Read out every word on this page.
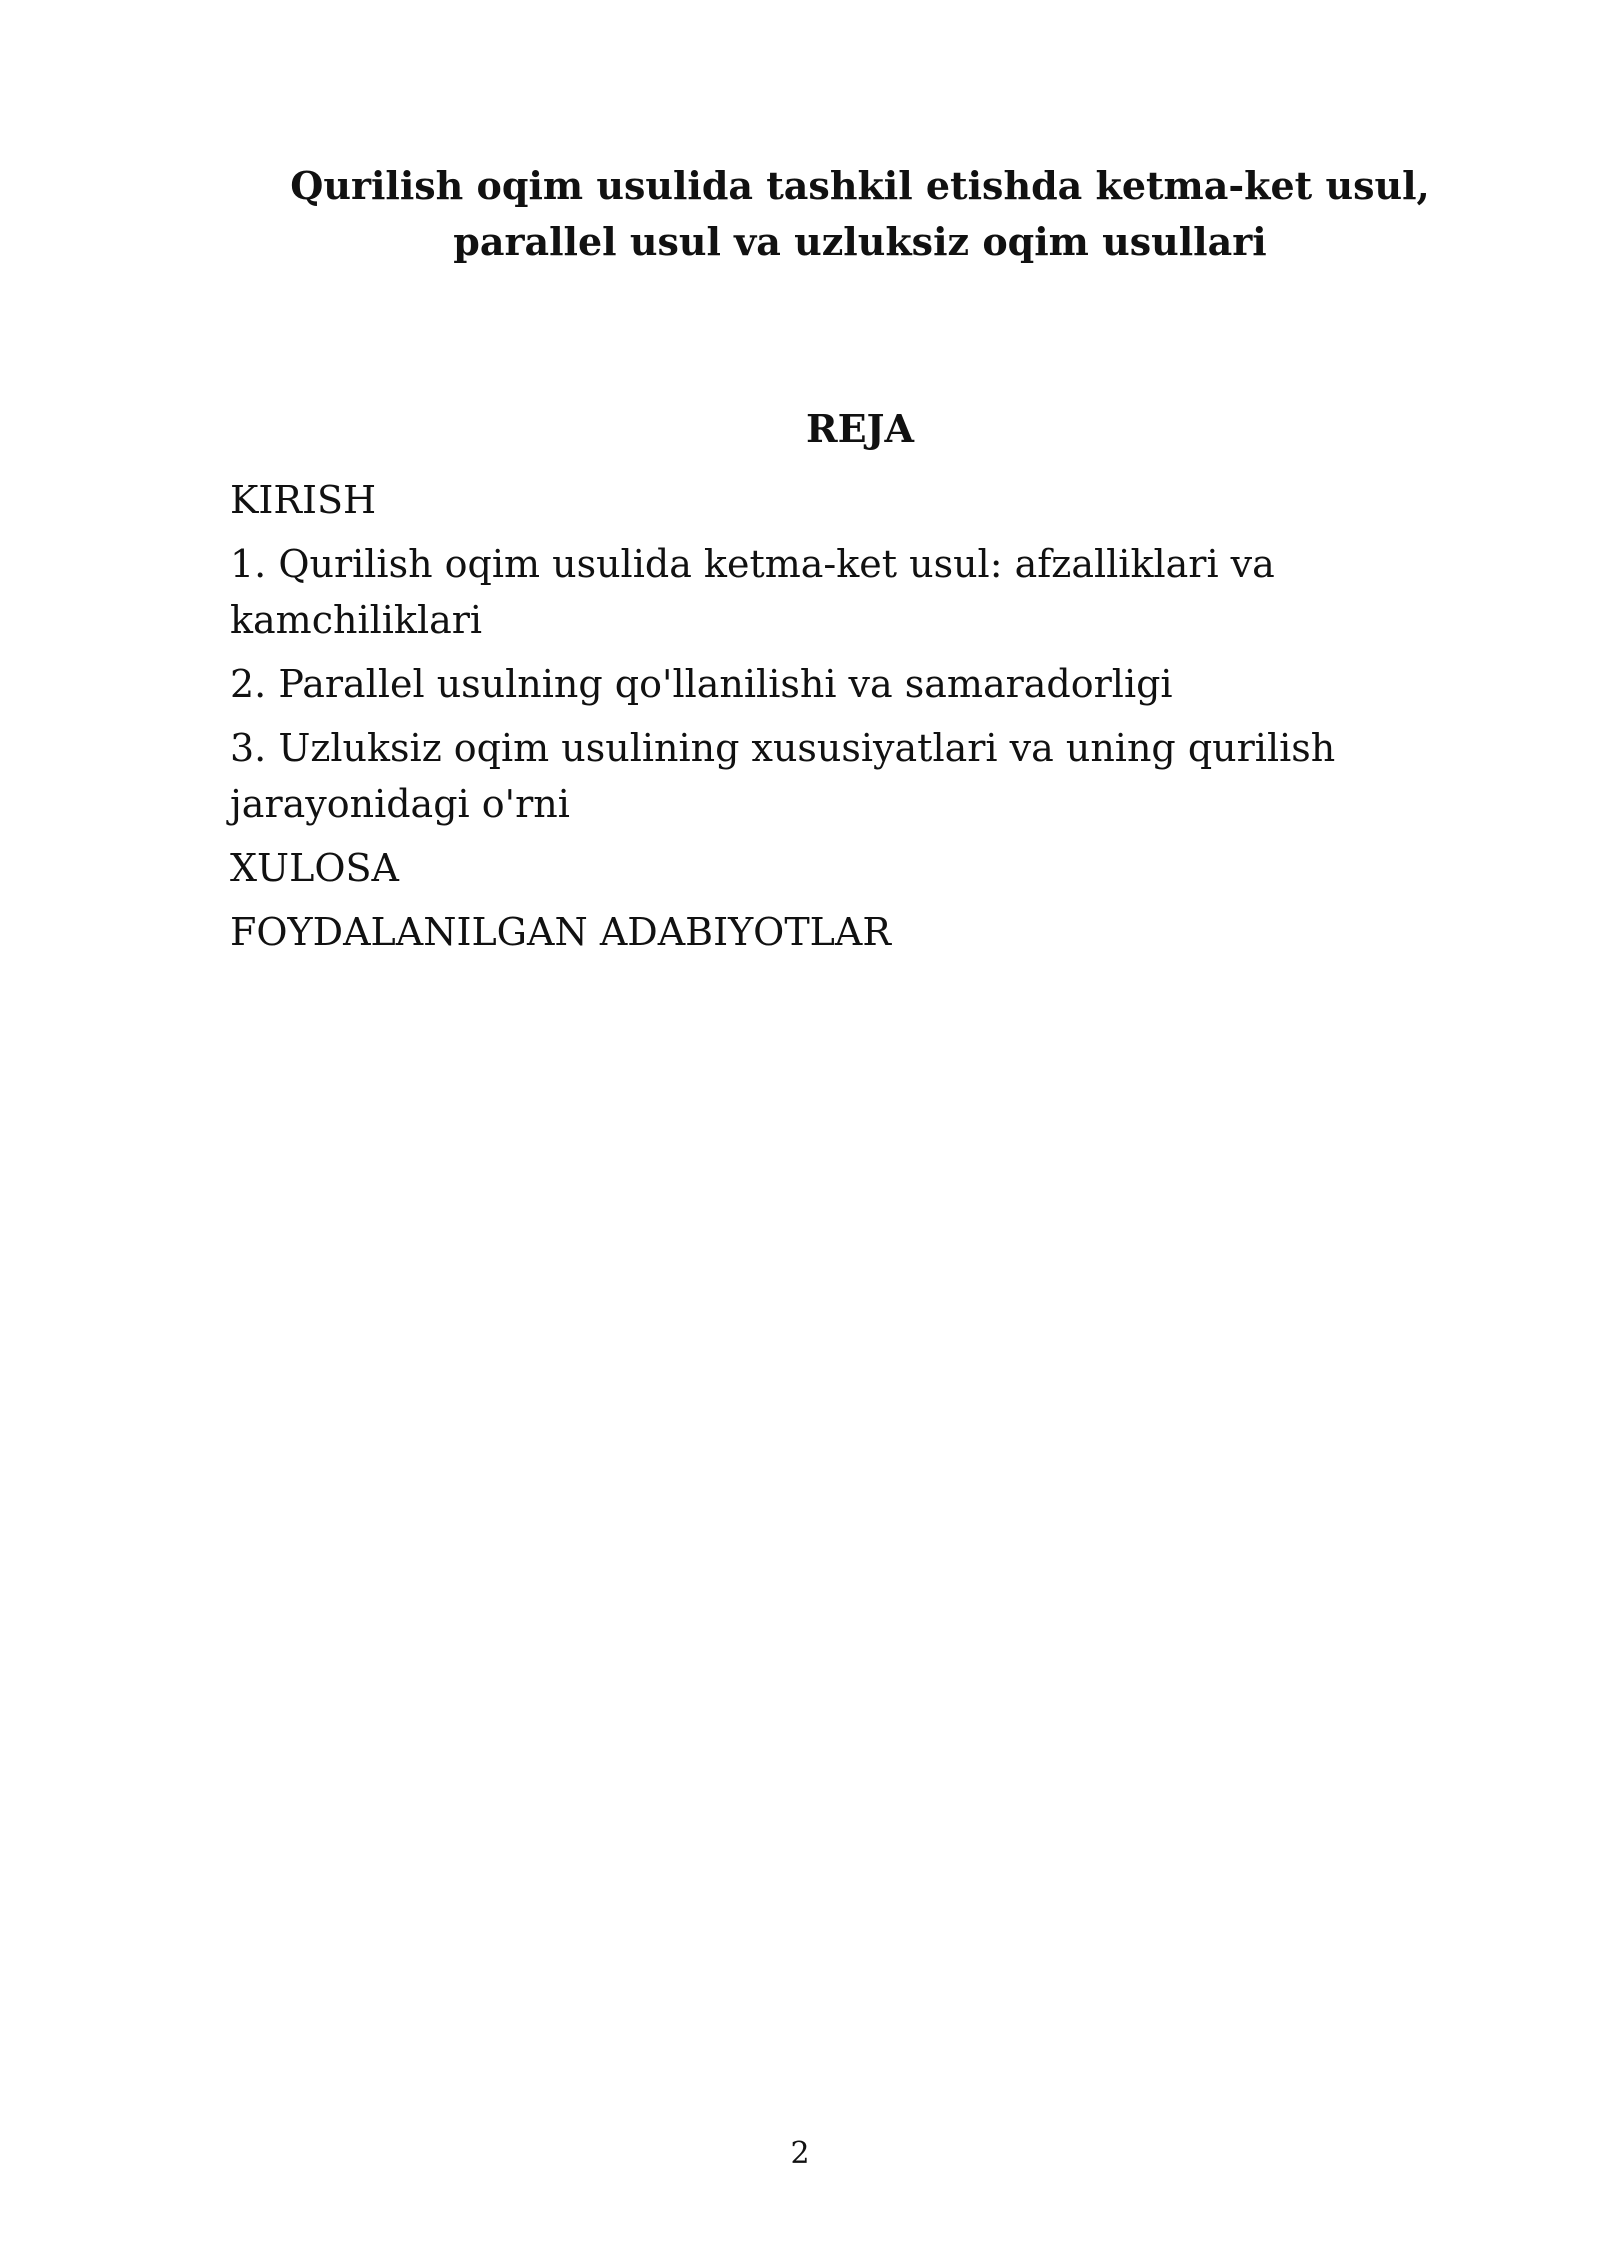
Qurilish oqim usulida tashkil etishda ketma-ket usul,
parallel usul va uzluksiz oqim usullari
REJA
KIRISH
1. Qurilish oqim usulida ketma-ket usul: afzalliklari va
kamchiliklari
2. Parallel usulning qo'llanilishi va samaradorligi
3. Uzluksiz oqim usulining xususiyatlari va uning qurilish
jarayonidagi o'rni
XULOSA
FOYDALANILGAN ADABIYOTLAR
2
